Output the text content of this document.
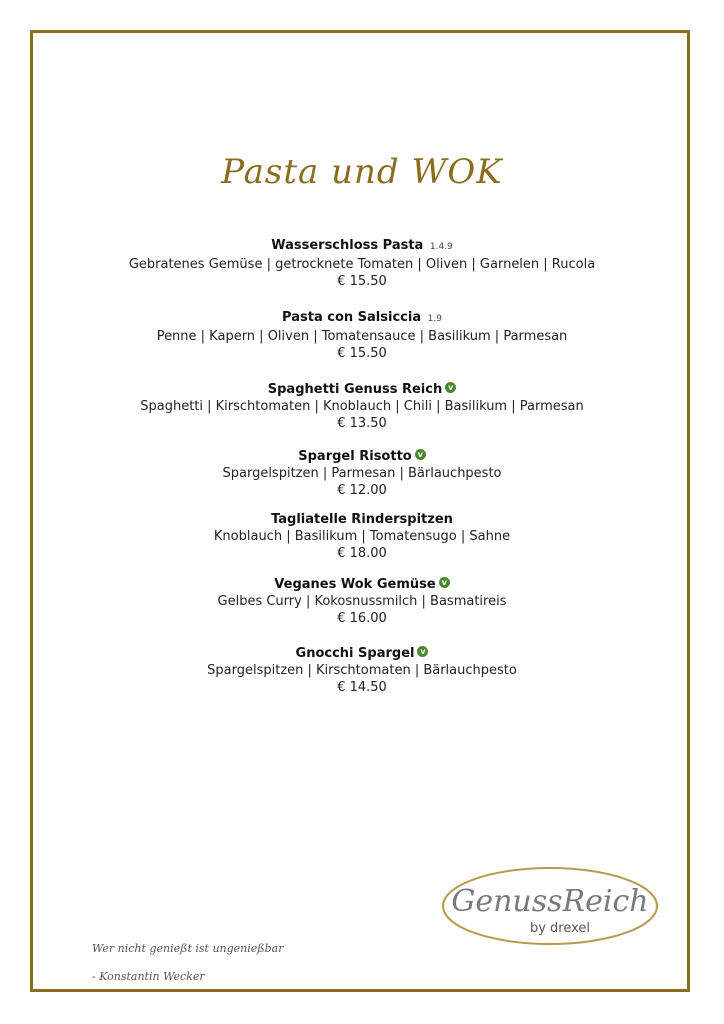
Pasta und WOK
Wasserschloss Pasta 1.4.9
Gebratenes Gemüse | getrocknete Tomaten | Oliven | Garnelen | Rucola
€ 15.50
Pasta con Salsiccia 1.9
Penne | Kapern | Oliven | Tomatensauce | Basilikum | Parmesan
€ 15.50
Spaghetti Genuss Reich v
Spaghetti | Kirschtomaten | Knoblauch | Chili | Basilikum | Parmesan
€ 13.50
Spargel Risotto v
Spargelspitzen | Parmesan | Bärlauchpesto
€ 12.00
Tagliatelle Rinderspitzen
Knoblauch | Basilikum | Tomatensugo | Sahne
€ 18.00
Veganes Wok Gemüse v
Gelbes Curry | Kokosnussmilch | Basmatireis
€ 16.00
Gnocchi Spargel v
Spargelspitzen | Kirschtomaten | Bärlauchpesto
€ 14.50
GenussReich
by drexel
Wer nicht genießt ist ungenießbar
- Konstantin Wecker
